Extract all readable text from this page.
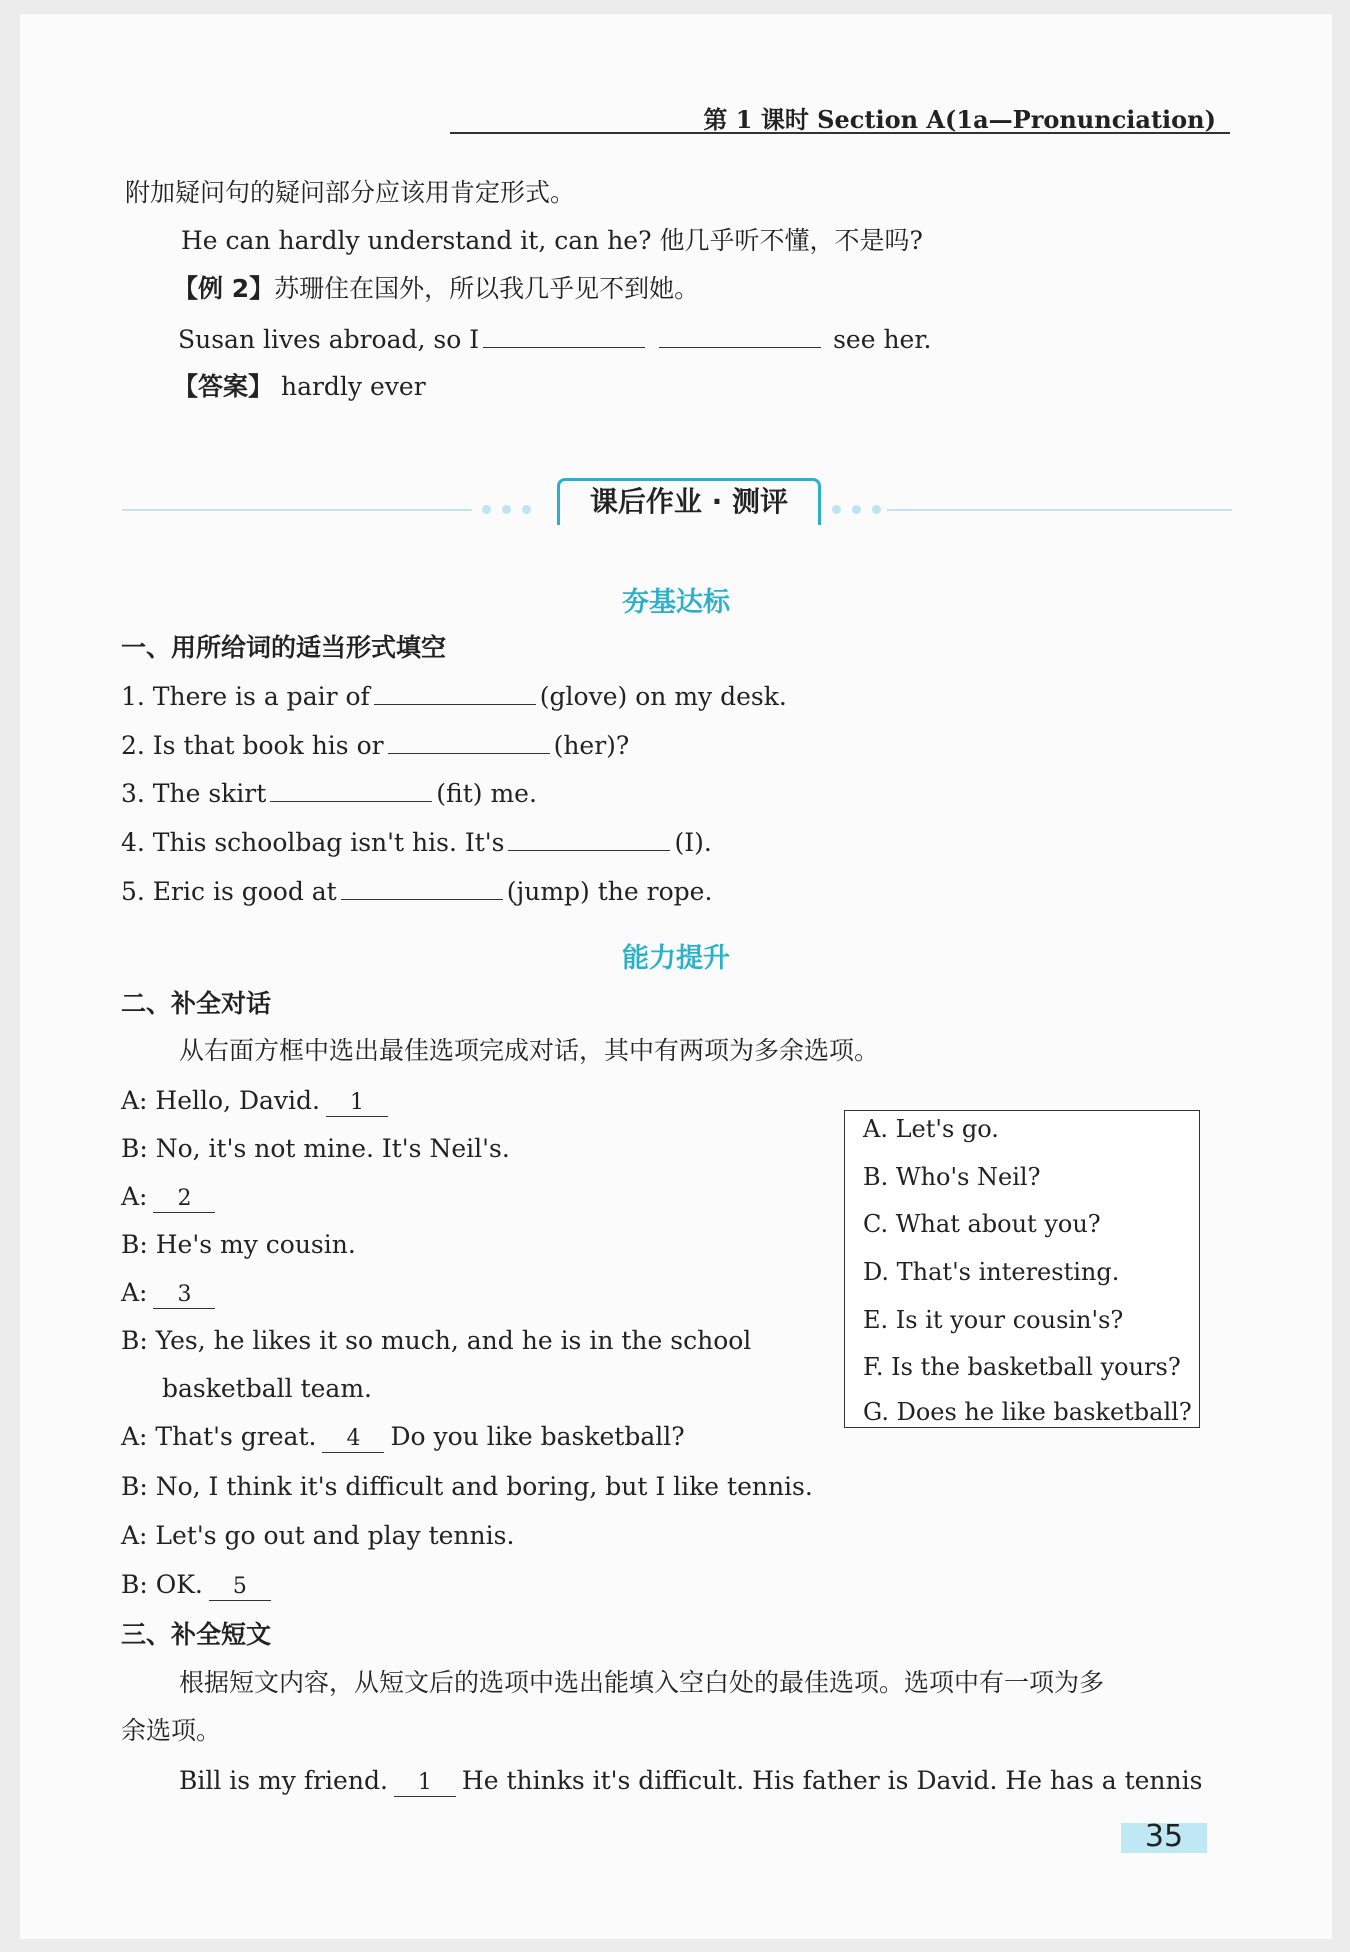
第 1 课时 Section A(1a—Pronunciation)
附加疑问句的疑问部分应该用肯定形式。
He can hardly understand it, can he? 他几乎听不懂，不是吗?
【例 2】苏珊住在国外，所以我几乎见不到她。
Susan lives abroad, so I	see her.
【答案】 hardly ever
课后作业 · 测评
夯基达标
一、用所给词的适当形式填空
1. There is a pair of	(glove) on my desk.
2. Is that book his or	(her)?
3. The skirt	(fit) me.
4. This schoolbag isn't his. It's	(I).
5. Eric is good at	(jump) the rope.
能力提升
二、补全对话
从右面方框中选出最佳选项完成对话，其中有两项为多余选项。
A: Hello, David. 1
B: No, it's not mine. It's Neil's.
A: 2
B: He's my cousin.
A: 3
B: Yes, he likes it so much, and he is in the school
basketball team.
A: That's great. 4 Do you like basketball?
B: No, I think it's difficult and boring, but I like tennis.
A: Let's go out and play tennis.
B: OK. 5
A. Let's go.
B. Who's Neil?
C. What about you?
D. That's interesting.
E. Is it your cousin's?
F. Is the basketball yours?
G. Does he like basketball?
三、补全短文
根据短文内容，从短文后的选项中选出能填入空白处的最佳选项。选项中有一项为多
余选项。
Bill is my friend. 1 He thinks it's difficult. His father is David. He has a tennis
35
